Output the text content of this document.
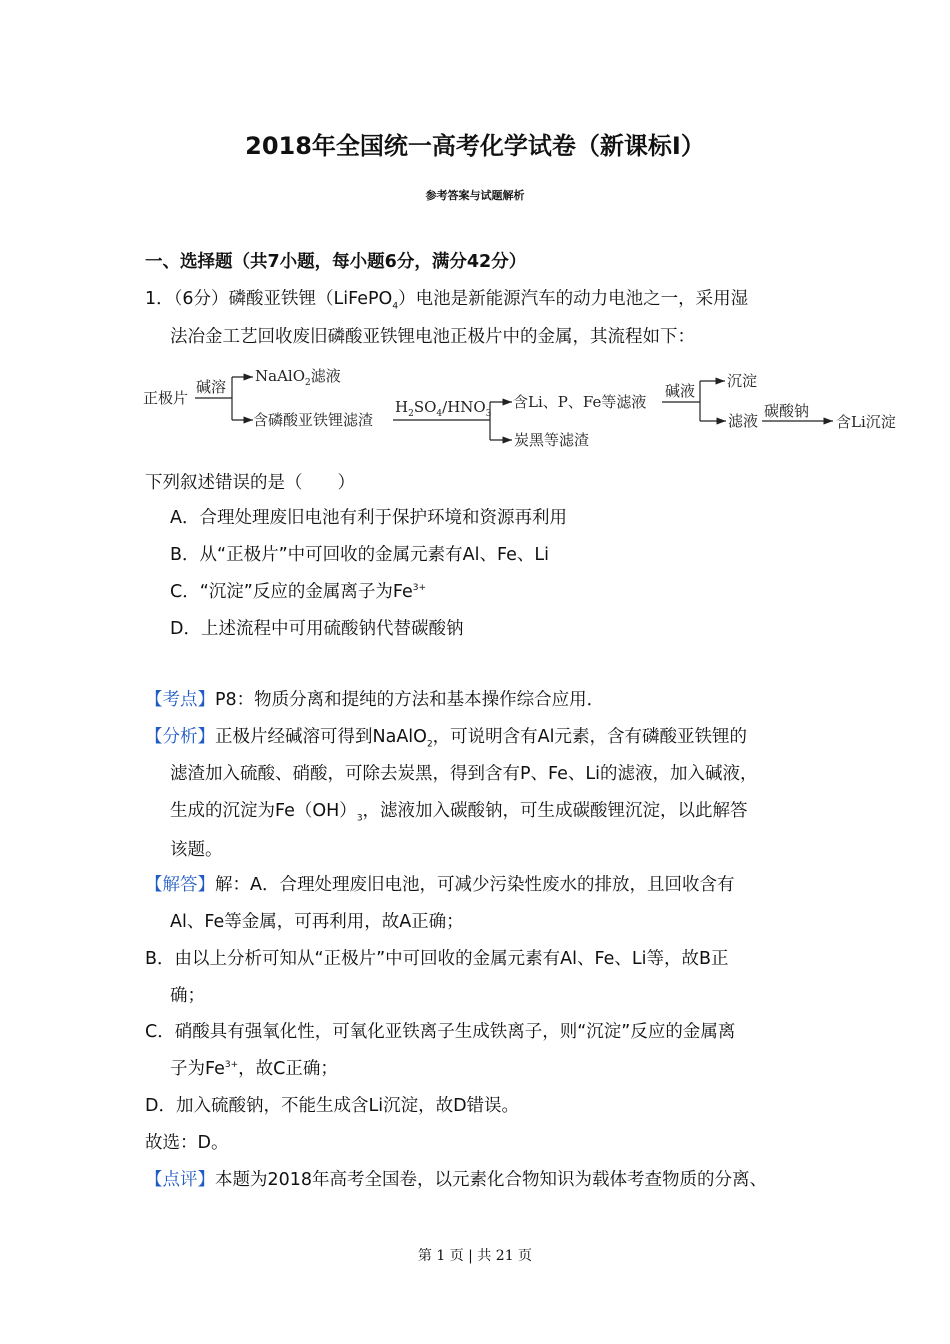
2018年全国统一高考化学试卷（新课标Ⅰ）
参考答案与试题解析
一、选择题（共7小题，每小题6分，满分42分）
1．（6分）磷酸亚铁锂（LiFePO$_4$）电池是新能源汽车的动力电池之一，采用湿
法冶金工艺回收废旧磷酸亚铁锂电池正极片中的金属，其流程如下：
正极片
碱溶
NaAlO$_2$滤液
含磷酸亚铁锂滤渣
$H_2SO_4/HNO_3$
含Li、P、Fe等滤液
炭黑等滤渣
碱液
沉淀
滤液
碳酸钠
含Li沉淀
下列叙述错误的是（　　）
A．合理处理废旧电池有利于保护环境和资源再利用
B．从“正极片”中可回收的金属元素有Al、Fe、Li
C．“沉淀”反应的金属离子为$Fe^{3+}$
D．上述流程中可用硫酸钠代替碳酸钠
【考点】P8：物质分离和提纯的方法和基本操作综合应用．
【分析】正极片经碱溶可得到NaAlO$_2$，可说明含有Al元素，含有磷酸亚铁锂的
滤渣加入硫酸、硝酸，可除去炭黑，得到含有P、Fe、Li的滤液，加入碱液，
生成的沉淀为$Fe(OH)_3$，滤液加入碳酸钠，可生成碳酸锂沉淀，以此解答
该题。
【解答】解：A．合理处理废旧电池，可减少污染性废水的排放，且回收含有
Al、Fe等金属，可再利用，故A正确；
B．由以上分析可知从“正极片”中可回收的金属元素有Al、Fe、Li等，故B正
确；
C．硝酸具有强氧化性，可氧化亚铁离子生成铁离子，则“沉淀”反应的金属离
子为$Fe^{3+}$，故C正确；
D．加入硫酸钠，不能生成含Li沉淀，故D错误。
故选：D。
【点评】本题为2018年高考全国卷，以元素化合物知识为载体考查物质的分离、
第 1 页 | 共 21 页
